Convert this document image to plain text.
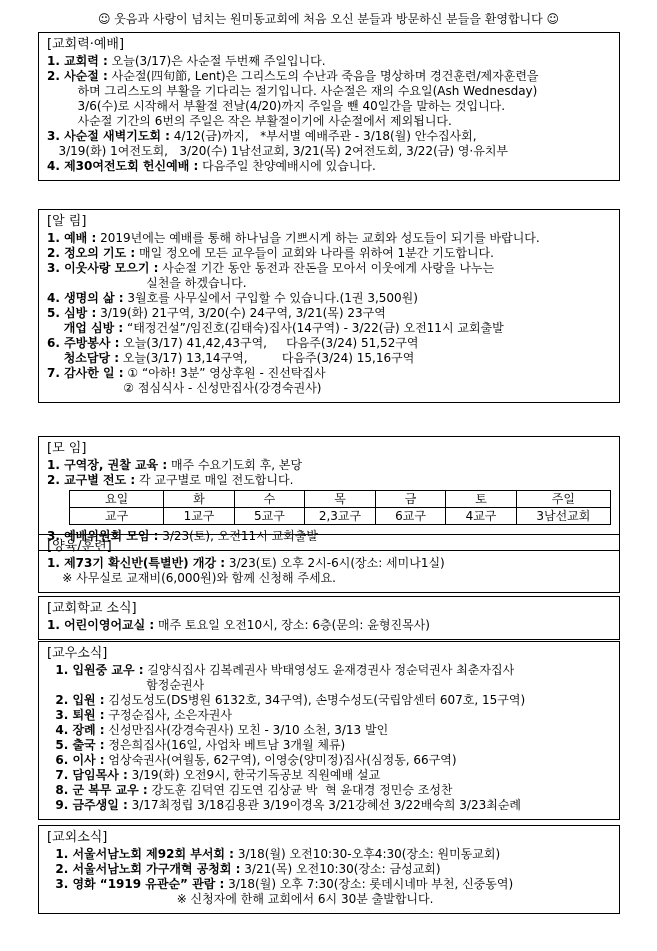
☺ 웃음과 사랑이 넘치는 원미동교회에 처음 오신 분들과 방문하신 분들을 환영합니다 ☺
[교회력·예배]
1. 교회력 : 오늘(3/17)은 사순절 두번째 주일입니다.
2. 사순절 : 사순절(四旬節, Lent)은 그리스도의 수난과 죽음을 명상하며 경건훈련/제자훈련을
하며 그리스도의 부활을 기다리는 절기입니다. 사순절은 재의 수요일(Ash Wednesday)
3/6(수)로 시작해서 부활절 전날(4/20)까지 주일을 뺀 40일간을 말하는 것입니다.
사순절 기간의 6번의 주일은 작은 부활절이기에 사순절에서 제외됩니다.
3. 사순절 새벽기도회 : 4/12(금)까지,   *부서별 예배주관 - 3/18(월) 안수집사회,
3/19(화) 1여전도회,   3/20(수) 1남선교회, 3/21(목) 2여전도회, 3/22(금) 영·유치부
4. 제30여전도회 헌신예배 : 다음주일 찬양예배시에 있습니다.
[알 림]
1. 예배 : 2019년에는 예배를 통해 하나님을 기쁘시게 하는 교회와 성도들이 되기를 바랍니다.
2. 정오의 기도 : 매일 정오에 모든 교우들이 교회와 나라를 위하여 1분간 기도합니다.
3. 이웃사랑 모으기 : 사순절 기간 동안 동전과 잔돈을 모아서 이웃에게 사랑을 나누는
실천을 하겠습니다.
4. 생명의 삶 : 3월호를 사무실에서 구입할 수 있습니다.(1권 3,500원)
5. 심방 : 3/19(화) 21구역, 3/20(수) 24구역, 3/21(목) 23구역
개업 심방 : “태정건설”/임진호(김태숙)집사(14구역) - 3/22(금) 오전11시 교회출발
6. 주방봉사 : 오늘(3/17) 41,42,43구역,     다음주(3/24) 51,52구역
청소담당 : 오늘(3/17) 13,14구역,         다음주(3/24) 15,16구역
7. 감사한 일 : ① “아하! 3분” 영상후원 - 진선탁집사
② 점심식사 - 신성만집사(강경숙권사)
[모 임]
1. 구역장, 권찰 교육 : 매주 수요기도회 후, 본당
2. 교구별 전도 : 각 교구별로 매일 전도합니다.
요일	화	수	목	금	토	주일
교구	1교구	5교구	2,3교구	6교구	4교구	3남선교회
3. 예배위원회 모임 : 3/23(토), 오전11시 교회출발
[양육/훈련]
1. 제73기 확신반(특별반) 개강 : 3/23(토) 오후 2시-6시(장소: 세미나1실)
※ 사무실로 교재비(6,000원)와 함께 신청해 주세요.
[교회학교 소식]
1. 어린이영어교실 : 매주 토요일 오전10시, 장소: 6층(문의: 윤형진목사)
[교우소식]
1. 입원중 교우 : 길양식집사 김복례권사 박태영성도 윤재경권사 정순덕권사 최춘자집사
함정순권사
2. 입원 : 김성도성도(DS병원 6132호, 34구역), 손명수성도(국립암센터 607호, 15구역)
3. 퇴원 : 구정순집사, 소은자권사
4. 장례 : 신성만집사(강경숙권사) 모친 - 3/10 소천, 3/13 발인
5. 출국 : 정은희집사(16일, 사업차 베트남 3개월 체류)
6. 이사 : 엄상숙권사(여월동, 62구역), 이영숭(양미정)집사(심정동, 66구역)
7. 담임목사 : 3/19(화) 오전9시, 한국기독공보 직원예배 설교
8. 군 복무 교우 : 강도훈 김덕연 김도연 김상균 박  혁 윤대경 정민승 조성찬
9. 금주생일 : 3/17최정립 3/18김용관 3/19이경옥 3/21강혜선 3/22배숙희 3/23최순례
[교외소식]
1. 서울서남노회 제92회 부서회 : 3/18(월) 오전10:30-오후4:30(장소: 원미동교회)
2. 서울서남노회 가구개혁 공청회 : 3/21(목) 오전10:30(장소: 금성교회)
3. 영화 “1919 유관순” 관람 : 3/18(월) 오후 7:30(장소: 롯데시네마 부천, 신중동역)
※ 신청자에 한해 교회에서 6시 30분 출발합니다.
